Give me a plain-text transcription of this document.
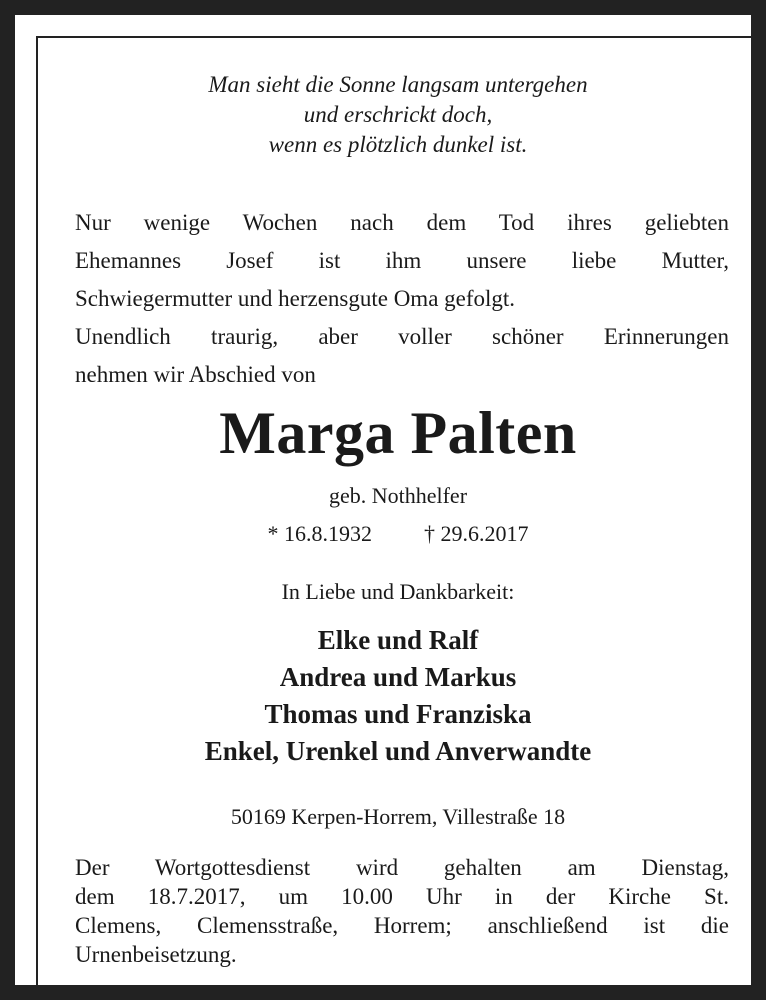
Man sieht die Sonne langsam untergehen
und erschrickt doch,
wenn es plötzlich dunkel ist.
Nur wenige Wochen nach dem Tod ihres geliebten
Ehemannes Josef ist ihm unsere liebe Mutter,
Schwiegermutter und herzensgute Oma gefolgt.
Unendlich traurig, aber voller schöner Erinnerungen
nehmen wir Abschied von
Marga Palten
geb. Nothhelfer
* 16.8.1932 † 29.6.2017
In Liebe und Dankbarkeit:
Elke und Ralf
Andrea und Markus
Thomas und Franziska
Enkel, Urenkel und Anverwandte
50169 Kerpen-Horrem, Villestraße 18
Der Wortgottesdienst wird gehalten am Dienstag,
dem 18.7.2017, um 10.00 Uhr in der Kirche St.
Clemens, Clemensstraße, Horrem; anschließend ist die
Urnenbeisetzung.
